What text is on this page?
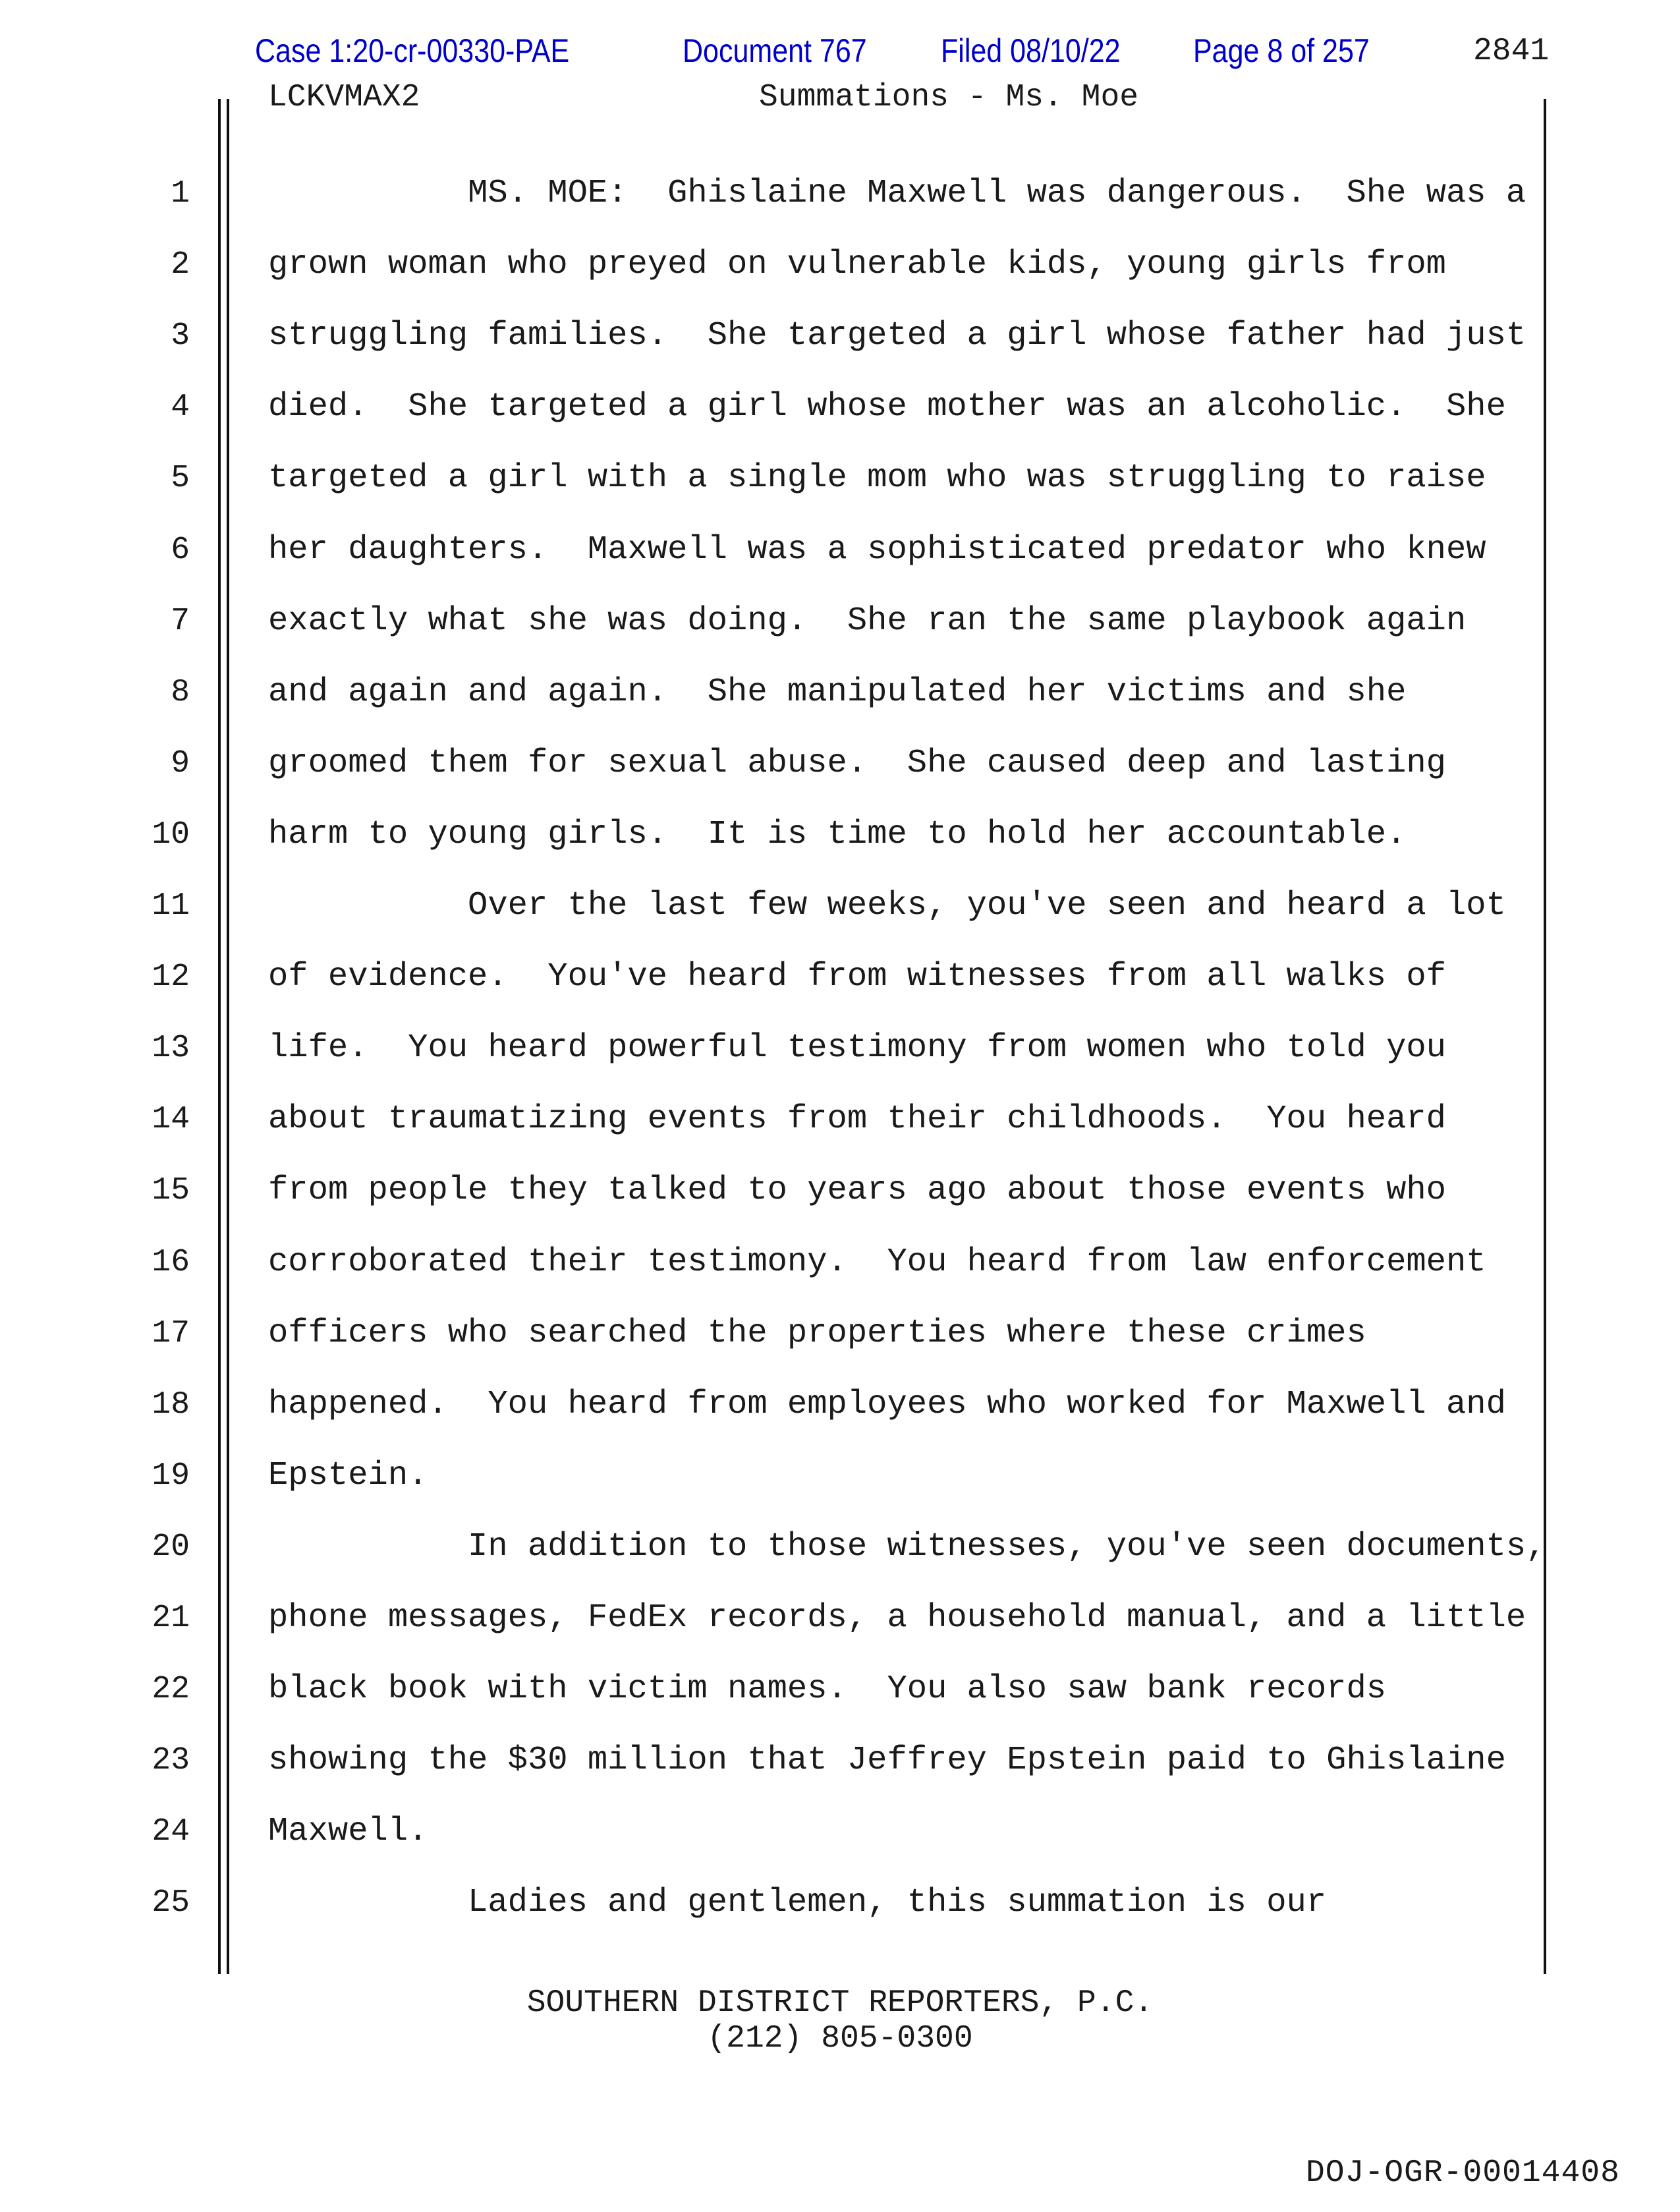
Case 1:20-cr-00330-PAE	Document 767 Filed 08/10/22 Page 8 of 257	2841
LCKVMAX2	Summations - Ms. Moe
1 MS. MOE:  Ghislaine Maxwell was dangerous.  She was a
2 grown woman who preyed on vulnerable kids, young girls from
3 struggling families.  She targeted a girl whose father had just
4 died.  She targeted a girl whose mother was an alcoholic.  She
5 targeted a girl with a single mom who was struggling to raise
6 her daughters.  Maxwell was a sophisticated predator who knew
7 exactly what she was doing.  She ran the same playbook again
8 and again and again.  She manipulated her victims and she
9 groomed them for sexual abuse.  She caused deep and lasting
10 harm to young girls.  It is time to hold her accountable.
11 Over the last few weeks, you've seen and heard a lot
12 of evidence.  You've heard from witnesses from all walks of
13 life.  You heard powerful testimony from women who told you
14 about traumatizing events from their childhoods.  You heard
15 from people they talked to years ago about those events who
16 corroborated their testimony.  You heard from law enforcement
17 officers who searched the properties where these crimes
18 happened.  You heard from employees who worked for Maxwell and
19 Epstein.
20 In addition to those witnesses, you've seen documents,
21 phone messages, FedEx records, a household manual, and a little
22 black book with victim names.  You also saw bank records
23 showing the $30 million that Jeffrey Epstein paid to Ghislaine
24 Maxwell.
25 Ladies and gentlemen, this summation is our
SOUTHERN DISTRICT REPORTERS, P.C.
(212) 805-0300
DOJ-OGR-00014408
